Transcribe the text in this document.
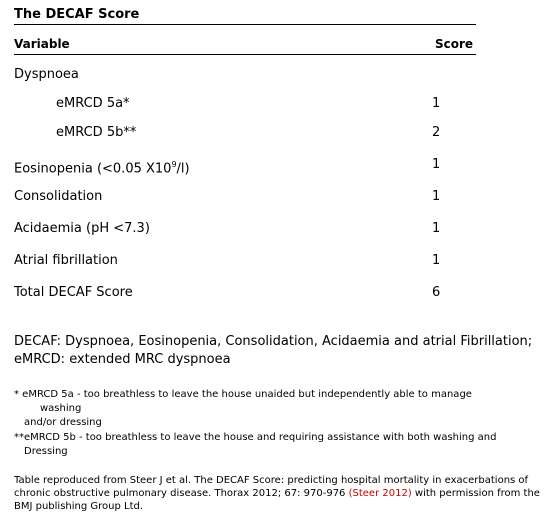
The DECAF Score
Variable	Score
Dyspnoea
eMRCD 5a*	1
eMRCD 5b**	2
Eosinopenia (<0.05 $X10^9/l$)	1
Consolidation	1
Acidaemia (pH <7.3)	1
Atrial fibrillation	1
Total DECAF Score	6
DECAF: Dyspnoea, Eosinopenia, Consolidation, Acidaemia and atrial Fibrillation;
eMRCD: extended MRC dyspnoea
* eMRCD 5a - too breathless to leave the house unaided but independently able to manage
washing
and/or dressing
**eMRCD 5b - too breathless to leave the house and requiring assistance with both washing and
Dressing
Table reproduced from Steer J et al. The DECAF Score: predicting hospital mortality in exacerbations of chronic obstructive pulmonary disease. Thorax 2012; 67: 970-976 (Steer 2012) with permission from the BMJ publishing Group Ltd.
